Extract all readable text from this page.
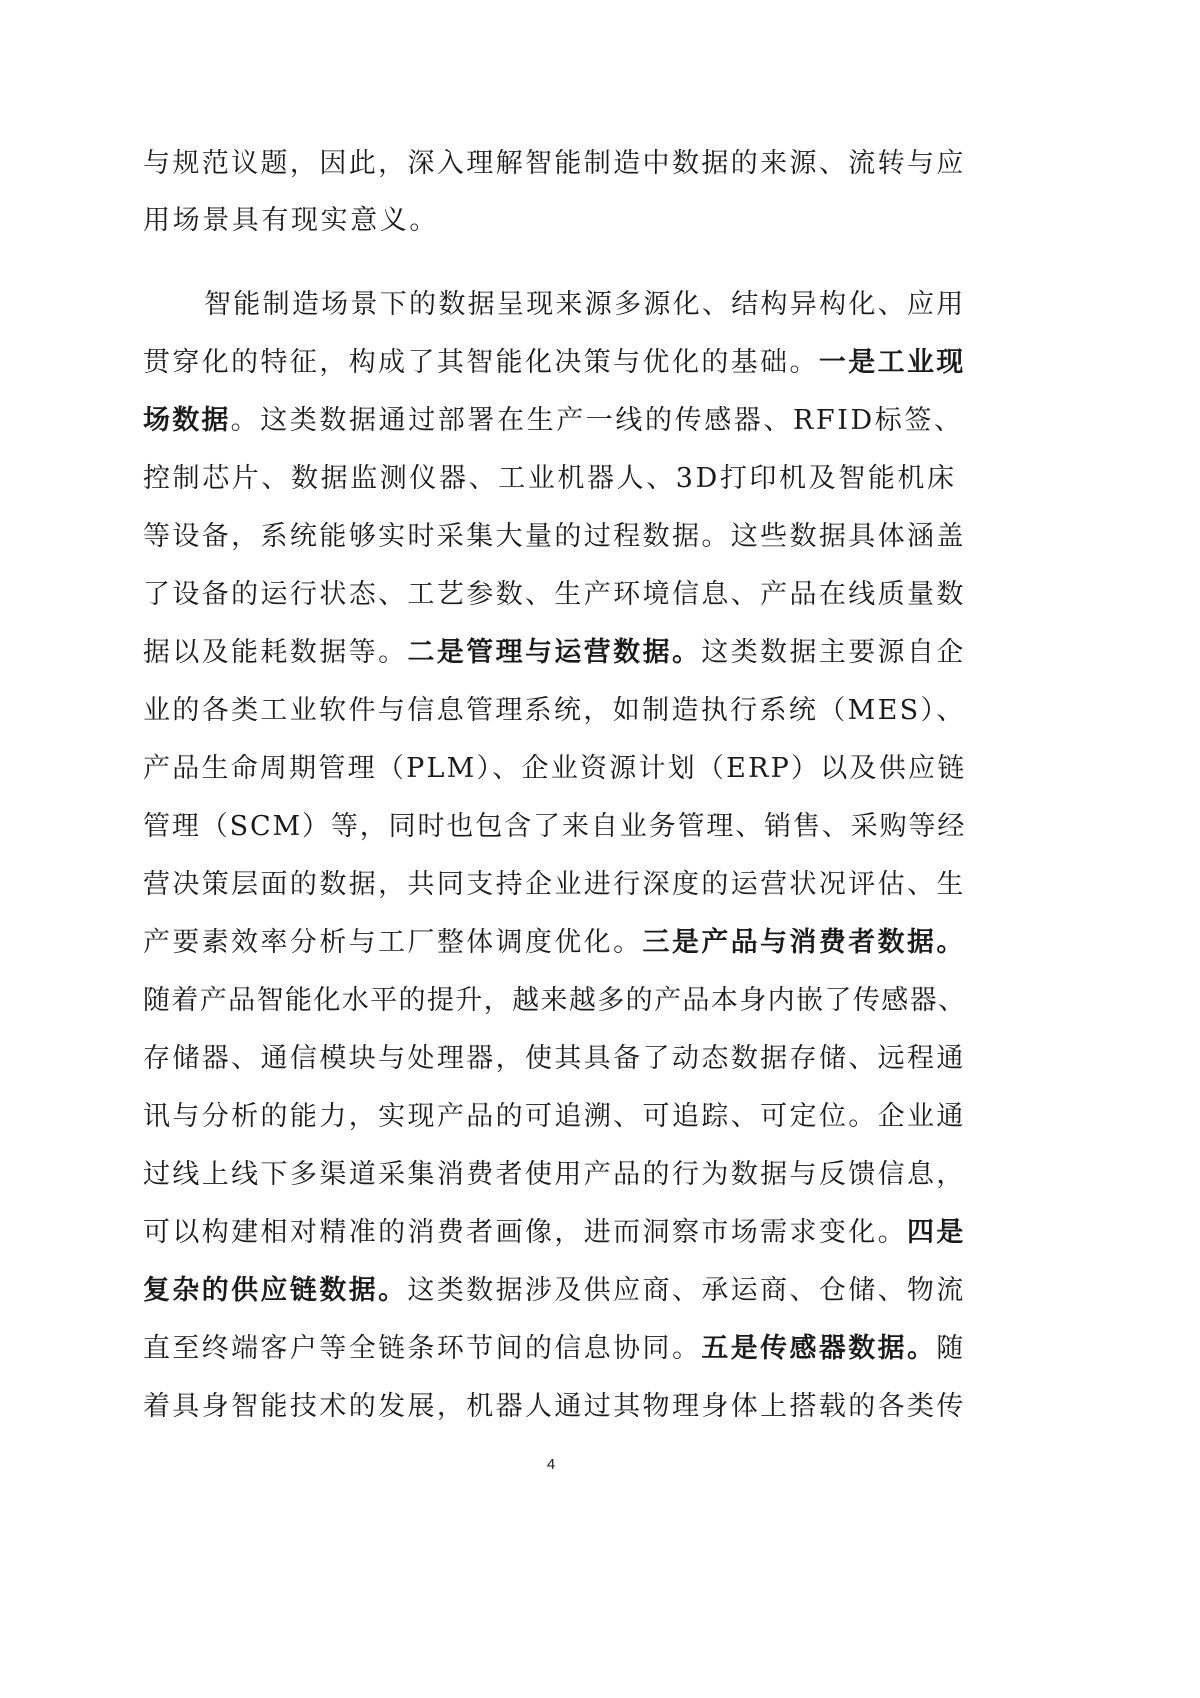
与规范议题，因此，深入理解智能制造中数据的来源、流转与应
用场景具有现实意义。
智能制造场景下的数据呈现来源多源化、结构异构化、应用
贯穿化的特征，构成了其智能化决策与优化的基础。一是工业现
场数据。这类数据通过部署在生产一线的传感器、RFID标签、
控制芯片、数据监测仪器、工业机器人、3D打印机及智能机床
等设备，系统能够实时采集大量的过程数据。这些数据具体涵盖
了设备的运行状态、工艺参数、生产环境信息、产品在线质量数
据以及能耗数据等。二是管理与运营数据。这类数据主要源自企
业的各类工业软件与信息管理系统，如制造执行系统（MES）、
产品生命周期管理（PLM）、企业资源计划（ERP）以及供应链
管理（SCM）等，同时也包含了来自业务管理、销售、采购等经
营决策层面的数据，共同支持企业进行深度的运营状况评估、生
产要素效率分析与工厂整体调度优化。三是产品与消费者数据。
随着产品智能化水平的提升，越来越多的产品本身内嵌了传感器、
存储器、通信模块与处理器，使其具备了动态数据存储、远程通
讯与分析的能力，实现产品的可追溯、可追踪、可定位。企业通
过线上线下多渠道采集消费者使用产品的行为数据与反馈信息，
可以构建相对精准的消费者画像，进而洞察市场需求变化。四是
复杂的供应链数据。这类数据涉及供应商、承运商、仓储、物流
直至终端客户等全链条环节间的信息协同。五是传感器数据。随
着具身智能技术的发展，机器人通过其物理身体上搭载的各类传
4
